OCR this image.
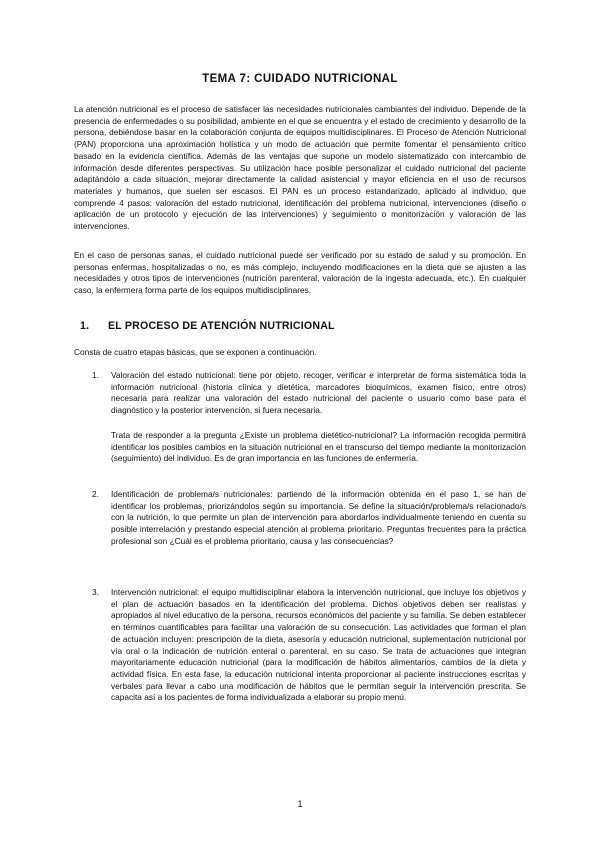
TEMA 7: CUIDADO NUTRICIONAL

La atención nutricional es el proceso de satisfacer las necesidades nutricionales cambiantes del individuo. Depende de la presencia de enfermedades o su posibilidad, ambiente en el que se encuentra y el estado de crecimiento y desarrollo de la persona, debiéndose basar en la colaboración conjunta de equipos multidisciplinares. El Proceso de Atención Nutricional (PAN) proporciona una aproximación holística y un modo de actuación que permite fomentar el pensamiento crítico basado en la evidencia científica. Además de las ventajas que supone un modelo sistematizado con intercambio de información desde diferentes perspectivas. Su utilización hace posible personalizar el cuidado nutricional del paciente adaptándolo a cada situación, mejorar directamente la calidad asistencial y mayor eficiencia en el uso de recursos materiales y humanos, que suelen ser escasos. El PAN es un proceso estandarizado, aplicado al individuo, que comprende 4 pasos: valoración del estado nutricional, identificación del problema nutricional, intervenciones (diseño o aplicación de un protocolo y ejecución de las intervenciones) y seguimiento o monitorización y valoración de las intervenciones.

En el caso de personas sanas, el cuidado nutricional puede ser verificado por su estado de salud y su promoción. En personas enfermas, hospitalizadas o no, es más complejo, incluyendo modificaciones en la dieta que se ajusten a las necesidades y otros tipos de intervenciones (nutrición parenteral, valoración de la ingesta adecuada, etc.). En cualquier caso, la enfermera forma parte de los equipos multidisciplinares.

1. EL PROCESO DE ATENCIÓN NUTRICIONAL

Consta de cuatro etapas básicas, que se exponen a continuación.

1. Valoración del estado nutricional: tiene por objeto, recoger, verificar e interpretar de forma sistemática toda la información nutricional (historia clínica y dietética, marcadores bioquímicos, examen físico, entre otros) necesaria para realizar una valoración del estado nutricional del paciente o usuario como base para el diagnóstico y la posterior intervención, si fuera necesaria.

Trata de responder a la pregunta ¿Existe un problema dietético-nutricional? La información recogida permitirá identificar los posibles cambios en la situación nutricional en el transcurso del tiempo mediante la monitorización (seguimiento) del individuo. Es de gran importancia en las funciones de enfermería.

2. Identificación de problema/s nutricionales: partiendo de la información obtenida en el paso 1, se han de identificar los problemas, priorizándolos según su importancia. Se define la situación/problema/s relacionado/s con la nutrición, lo que permite un plan de intervención para abordarlos individualmente teniendo en cuenta su posible interrelación y prestando especial atención al problema prioritario. Preguntas frecuentes para la práctica profesional son ¿Cuál es el problema prioritario, causa y las consecuencias?

3. Intervención nutricional: el equipo multidisciplinar elabora la intervención nutricional, que incluye los objetivos y el plan de actuación basados en la identificación del problema. Dichos objetivos deben ser realistas y apropiados al nivel educativo de la persona, recursos económicos del paciente y su familia. Se deben establecer en términos cuantificables para facilitar una valoración de su consecución. Las actividades que forman el plan de actuación incluyen: prescripción de la dieta, asesoría y educación nutricional, suplementación nutricional por vía oral o la indicación de nutrición enteral o parenteral, en su caso. Se trata de actuaciones que integran mayoritariamente educación nutricional (para la modificación de hábitos alimentarios, cambios de la dieta y actividad física. En esta fase, la educación nutricional intenta proporcionar al paciente instrucciones escritas y verbales para llevar a cabo una modificación de hábitos que le permitan seguir la intervención prescrita. Se capacita así a los pacientes de forma individualizada a elaborar su propio menú.

1
